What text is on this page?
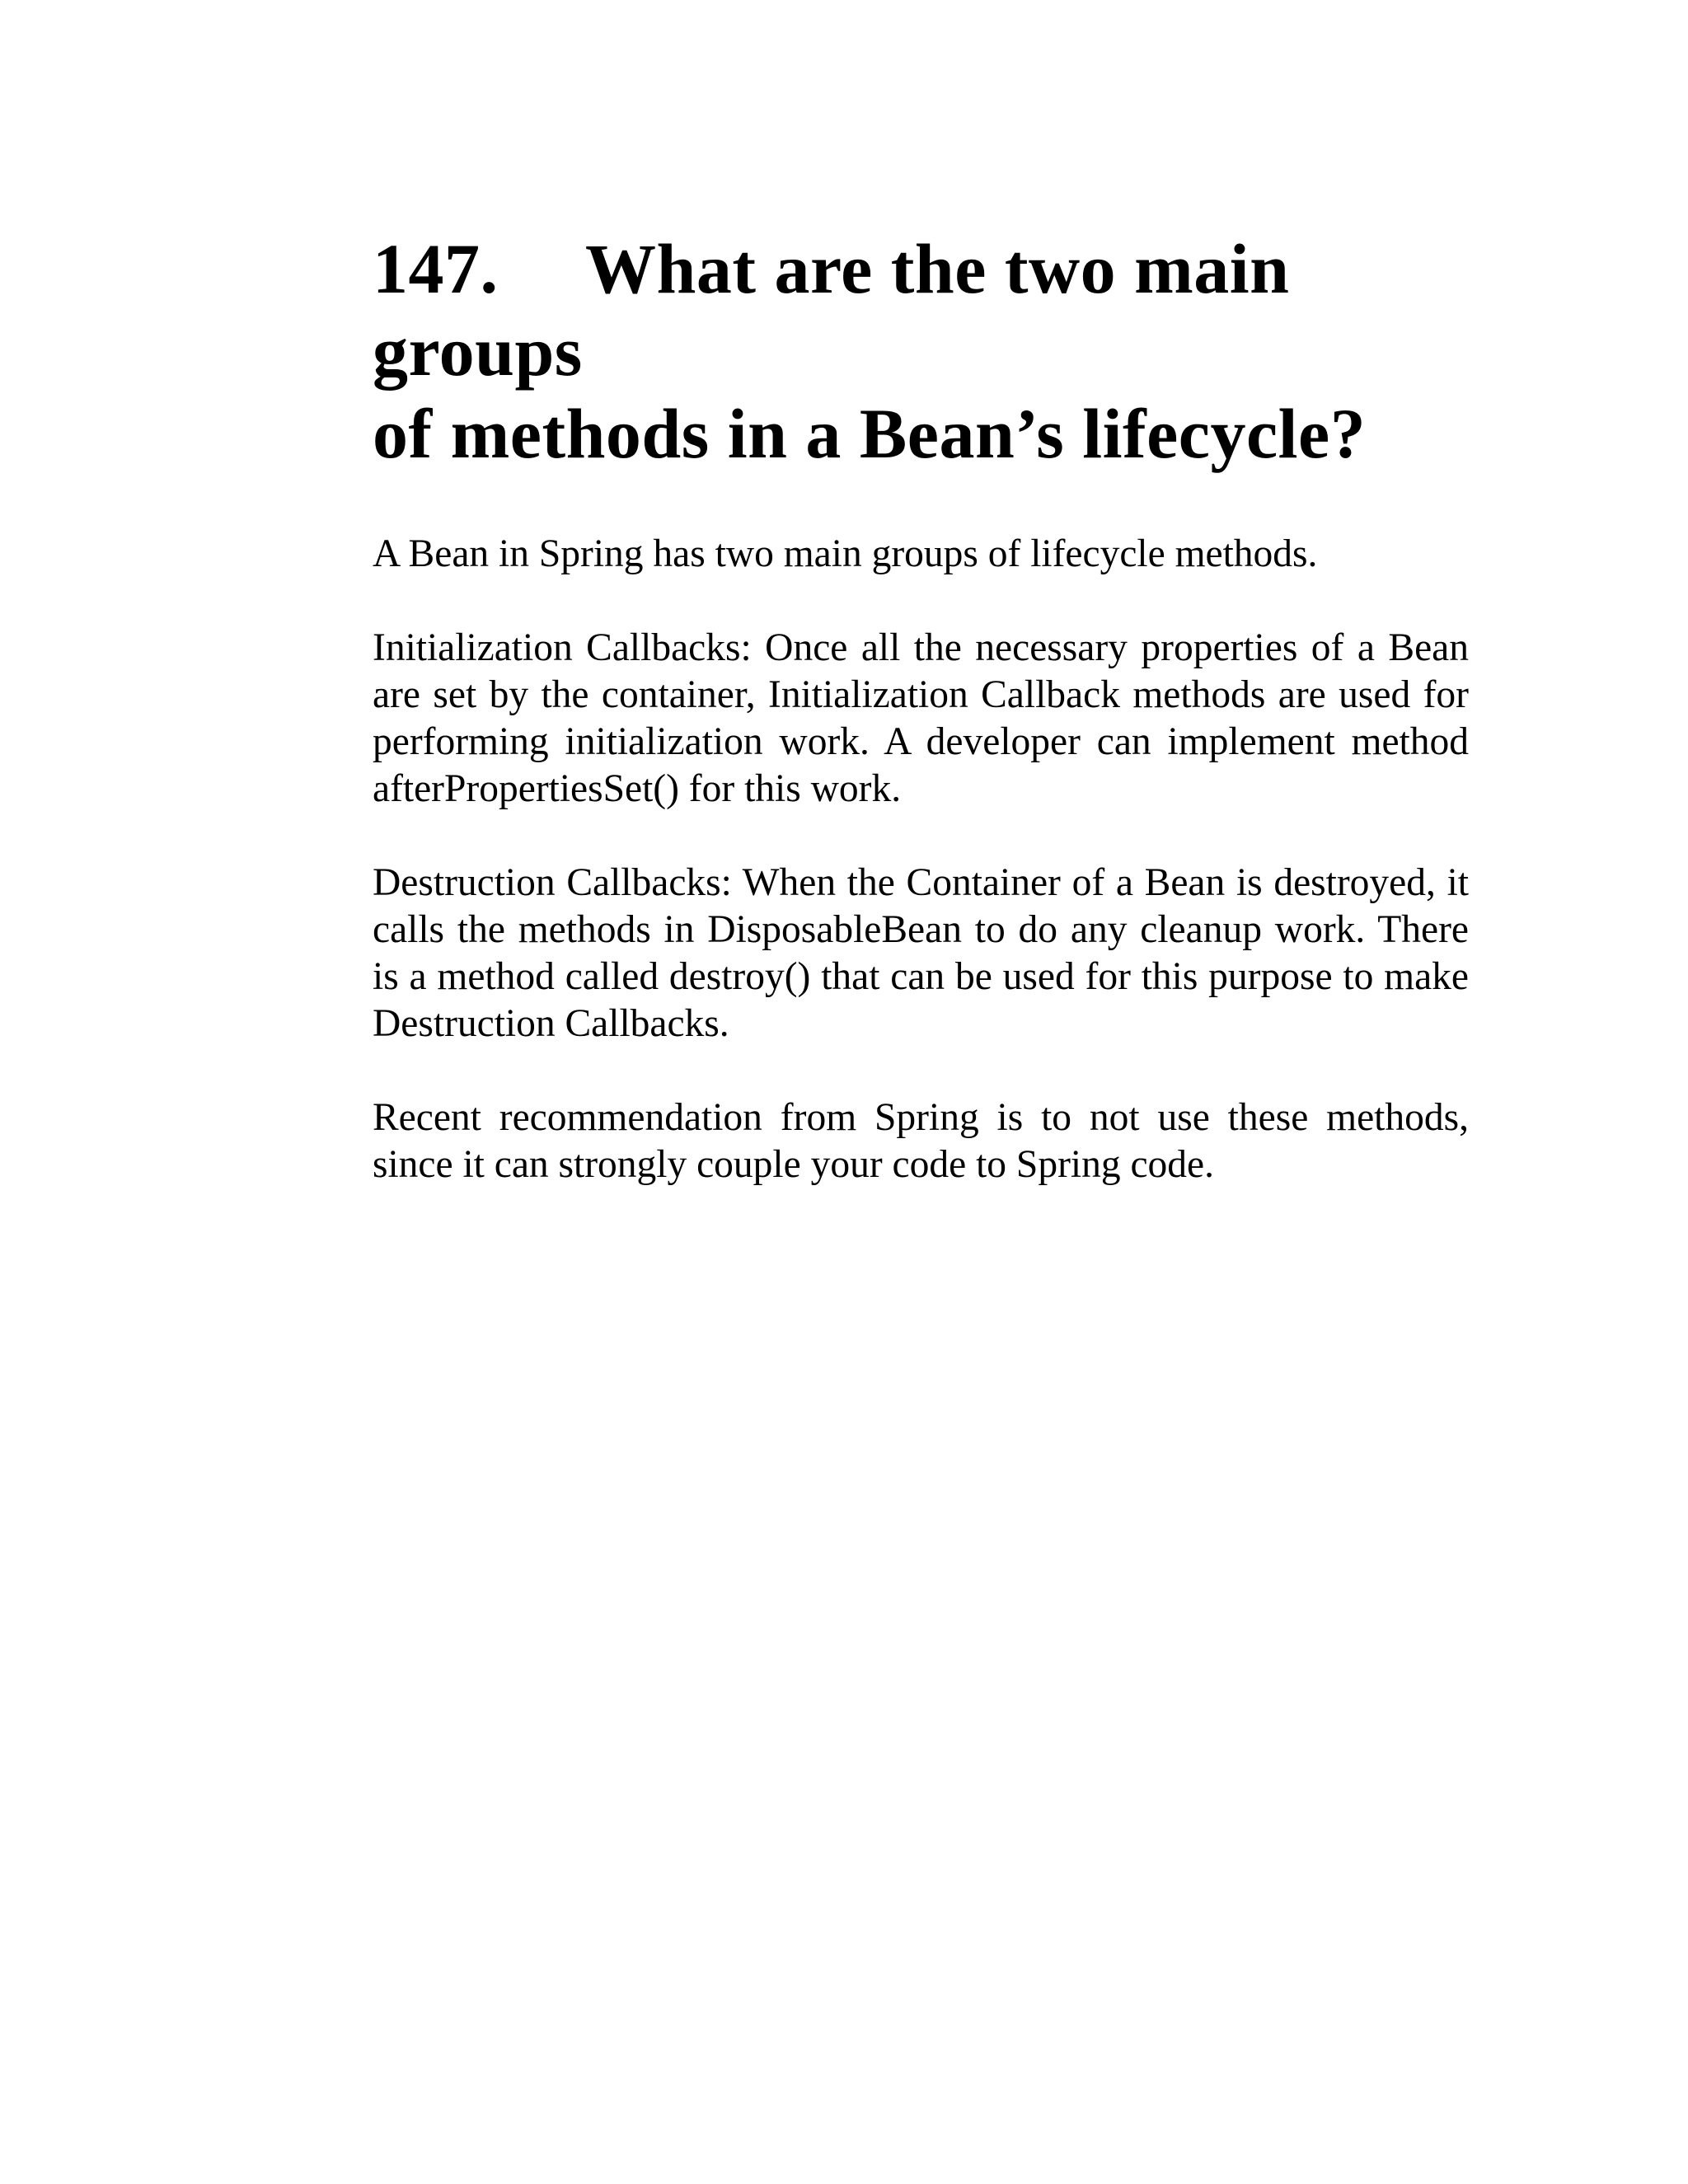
147. What are the two main groups
of methods in a Bean’s lifecycle?

A Bean in Spring has two main groups of lifecycle methods.

Initialization Callbacks: Once all the necessary properties of a Bean are set by the container, Initialization Callback methods are used for performing initialization work. A developer can implement method afterPropertiesSet() for this work.

Destruction Callbacks: When the Container of a Bean is destroyed, it calls the methods in DisposableBean to do any cleanup work. There is a method called destroy() that can be used for this purpose to make Destruction Callbacks.

Recent recommendation from Spring is to not use these methods, since it can strongly couple your code to Spring code.
